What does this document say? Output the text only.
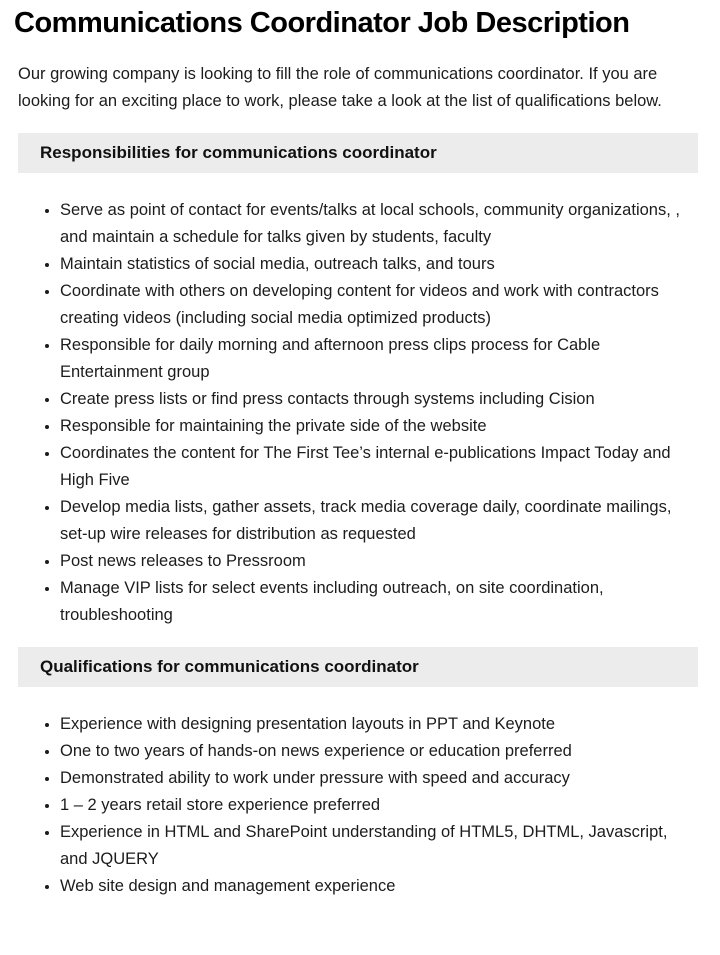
Communications Coordinator Job Description

Our growing company is looking to fill the role of communications coordinator. If you are looking for an exciting place to work, please take a look at the list of qualifications below.

Responsibilities for communications coordinator
• Serve as point of contact for events/talks at local schools, community organizations, , and maintain a schedule for talks given by students, faculty
• Maintain statistics of social media, outreach talks, and tours
• Coordinate with others on developing content for videos and work with contractors creating videos (including social media optimized products)
• Responsible for daily morning and afternoon press clips process for Cable Entertainment group
• Create press lists or find press contacts through systems including Cision
• Responsible for maintaining the private side of the website
• Coordinates the content for The First Tee’s internal e-publications Impact Today and High Five
• Develop media lists, gather assets, track media coverage daily, coordinate mailings, set-up wire releases for distribution as requested
• Post news releases to Pressroom
• Manage VIP lists for select events including outreach, on site coordination, troubleshooting
Qualifications for communications coordinator
• Experience with designing presentation layouts in PPT and Keynote
• One to two years of hands-on news experience or education preferred
• Demonstrated ability to work under pressure with speed and accuracy
• 1 – 2 years retail store experience preferred
• Experience in HTML and SharePoint understanding of HTML5, DHTML, Javascript, and JQUERY
• Web site design and management experience
